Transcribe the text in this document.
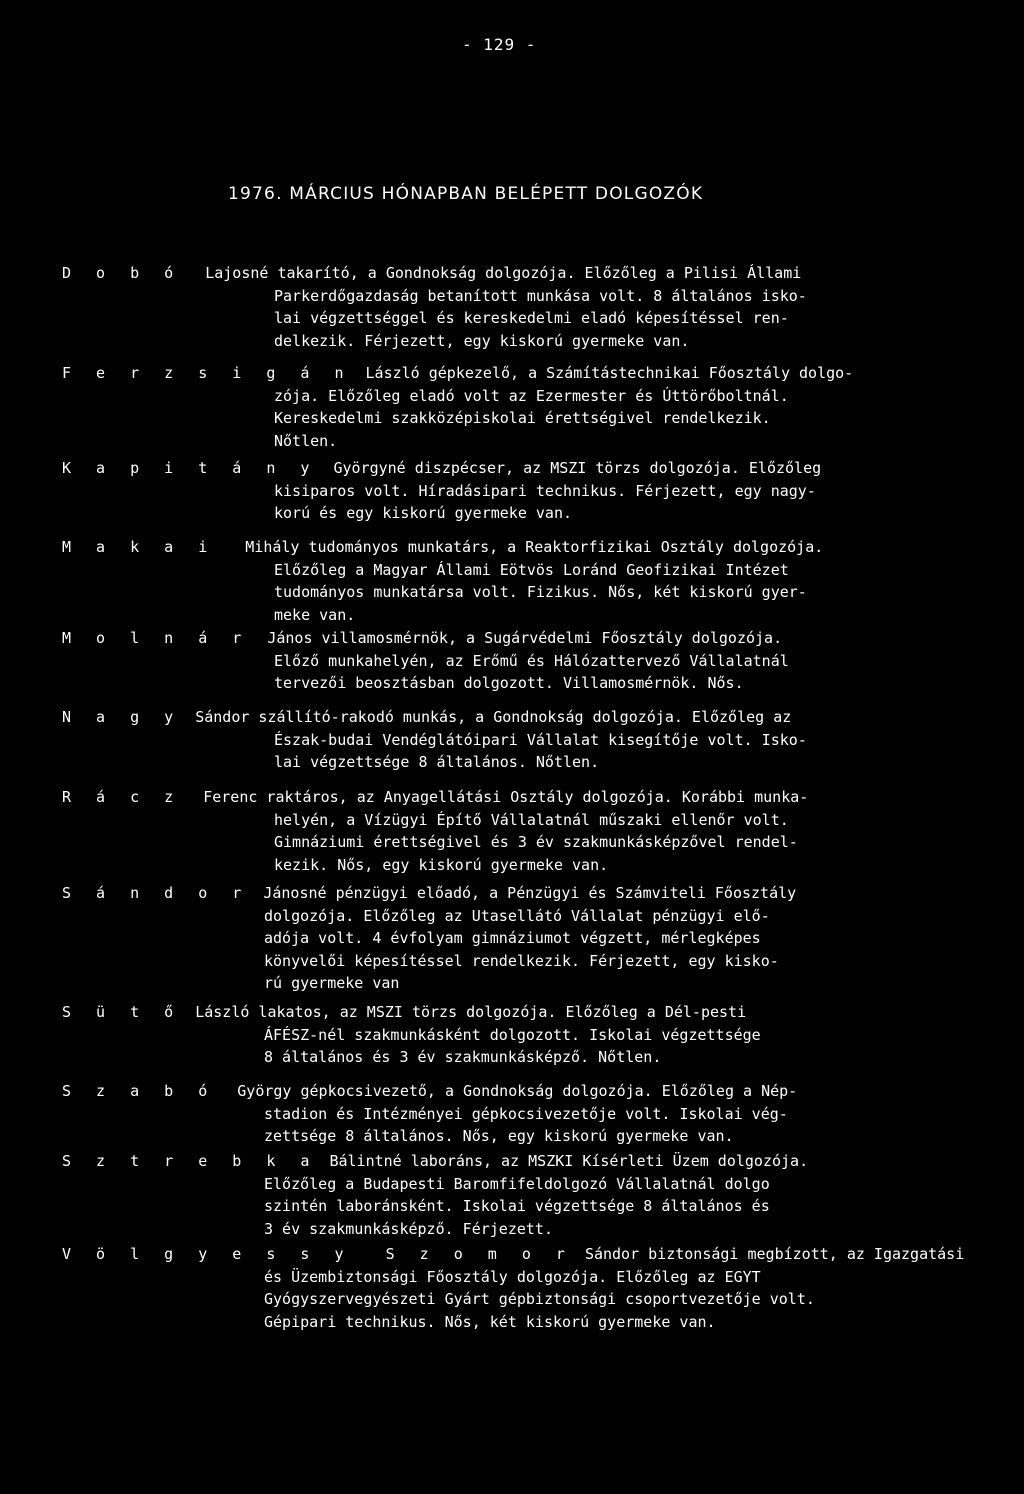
- 129 -
1976. MÁRCIUS HÓNAPBAN BELÉPETT DOLGOZÓK
D o b ó Lajosné takarító, a Gondnokság dolgozója. Előzőleg a Pilisi Állami
Parkerdőgazdaság betanított munkása volt. 8 általános isko-
lai végzettséggel és kereskedelmi eladó képesítéssel ren-
delkezik. Férjezett, egy kiskorú gyermeke van.
F e r z s i g á n László gépkezelő, a Számítástechnikai Főosztály dolgo-
zója. Előzőleg eladó volt az Ezermester és Úttörőboltnál.
Kereskedelmi szakközépiskolai érettségivel rendelkezik.
Nőtlen.
K a p i t á n y Györgyné diszpécser, az MSZI törzs dolgozója. Előzőleg
kisiparos volt. Híradásipari technikus. Férjezett, egy nagy-
korú és egy kiskorú gyermeke van.
M a k a i Mihály tudományos munkatárs, a Reaktorfizikai Osztály dolgozója.
Előzőleg a Magyar Állami Eötvös Loránd Geofizikai Intézet
tudományos munkatársa volt. Fizikus. Nős, két kiskorú gyer-
meke van.
M o l n á r János villamosmérnök, a Sugárvédelmi Főosztály dolgozója.
Előző munkahelyén, az Erőmű és Hálózattervező Vállalatnál
tervezői beosztásban dolgozott. Villamosmérnök. Nős.
N a g y Sándor szállító-rakodó munkás, a Gondnokság dolgozója. Előzőleg az
Észak-budai Vendéglátóipari Vállalat kisegítője volt. Isko-
lai végzettsége 8 általános. Nőtlen.
R á c z Ferenc raktáros, az Anyagellátási Osztály dolgozója. Korábbi munka-
helyén, a Vízügyi Építő Vállalatnál műszaki ellenőr volt.
Gimnáziumi érettségivel és 3 év szakmunkásképzővel rendel-
kezik. Nős, egy kiskorú gyermeke van.
S á n d o r Jánosné pénzügyi előadó, a Pénzügyi és Számviteli Főosztály
dolgozója. Előzőleg az Utasellátó Vállalat pénzügyi elő-
adója volt. 4 évfolyam gimnáziumot végzett, mérlegképes
könyvelői képesítéssel rendelkezik. Férjezett, egy kisko-
rú gyermeke van
S ü t ő László lakatos, az MSZI törzs dolgozója. Előzőleg a Dél-pesti
ÁFÉSZ-nél szakmunkásként dolgozott. Iskolai végzettsége
8 általános és 3 év szakmunkásképző. Nőtlen.
S z a b ó György gépkocsivezető, a Gondnokság dolgozója. Előzőleg a Nép-
stadion és Intézményei gépkocsivezetője volt. Iskolai vég-
zettsége 8 általános. Nős, egy kiskorú gyermeke van.
S z t r e b k a Bálintné laboráns, az MSZKI Kísérleti Üzem dolgozója.
Előzőleg a Budapesti Baromfifeldolgozó Vállalatnál dolgo
szintén laboránsként. Iskolai végzettsége 8 általános és
3 év szakmunkásképző. Férjezett.
V ö l g y e s s y  S z o m o r Sándor biztonsági megbízott, az Igazgatási
és Üzembiztonsági Főosztály dolgozója. Előzőleg az EGYT
Gyógyszervegyészeti Gyárt gépbiztonsági csoportvezetője volt.
Gépipari technikus. Nős, két kiskorú gyermeke van.
